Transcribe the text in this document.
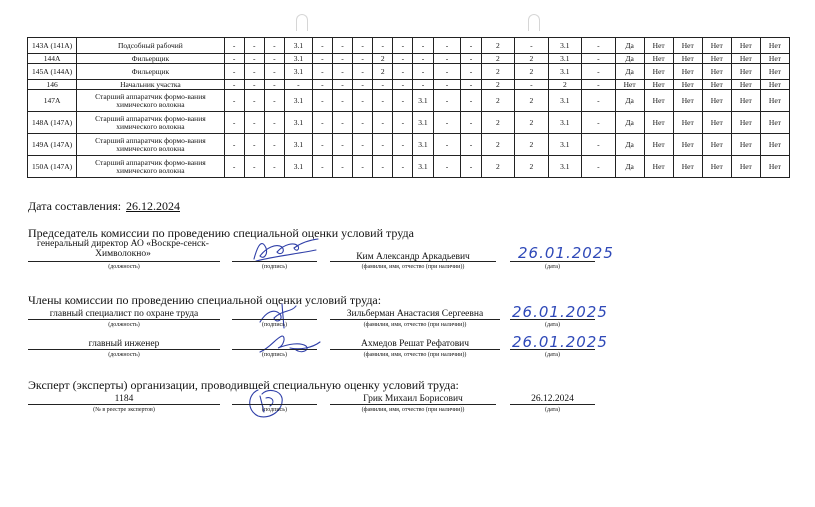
143А (141А)	Подсобный рабочий	-	-	-	3.1	-	-	-	-	-	-	-	-	2	-	3.1	-	Да	Нет	Нет	Нет	Нет	Нет
144А	Фильерщик	-	-	-	3.1	-	-	-	2	-	-	-	-	2	2	3.1	-	Да	Нет	Нет	Нет	Нет	Нет
145А (144А)	Фильерщик	-	-	-	3.1	-	-	-	2	-	-	-	-	2	2	3.1	-	Да	Нет	Нет	Нет	Нет	Нет
146	Начальник участка	-	-	-	-	-	-	-	-	-	-	-	-	2	-	2	-	Нет	Нет	Нет	Нет	Нет	Нет
147А	Старший аппаратчик формо-вания химического волокна	-	-	-	3.1	-	-	-	-	-	3.1	-	-	2	2	3.1	-	Да	Нет	Нет	Нет	Нет	Нет
148А (147А)	Старший аппаратчик формо-вания химического волокна	-	-	-	3.1	-	-	-	-	-	3.1	-	-	2	2	3.1	-	Да	Нет	Нет	Нет	Нет	Нет
149А (147А)	Старший аппаратчик формо-вания химического волокна	-	-	-	3.1	-	-	-	-	-	3.1	-	-	2	2	3.1	-	Да	Нет	Нет	Нет	Нет	Нет
150А (147А)	Старший аппаратчик формо-вания химического волокна	-	-	-	3.1	-	-	-	-	-	3.1	-	-	2	2	3.1	-	Да	Нет	Нет	Нет	Нет	Нет
Дата составления: 26.12.2024
Председатель комиссии по проведению специальной оценки условий труда
генеральный директор АО «Воскре-сенск-Химволокно»
(должность)	(подпись)
Ким Александр Аркадьевич
(фамилия, имя, отчество (при наличии))
26.01.2025
(дата)
Члены комиссии по проведению специальной оценки условий труда:
главный специалист по охране труда
(должность)	(подпись)
Зильберман Анастасия Сергеевна
(фамилия, имя, отчество (при наличии))
26.01.2025
(дата)
главный инженер
(должность)	(подпись)
Ахмедов Решат Рефатович
(фамилия, имя, отчество (при наличии))
26.01.2025
(дата)
Эксперт (эксперты) организации, проводившей специальную оценку условий труда:
1184
(№ в реестре экспертов)	(подпись)
Грик Михаил Борисович
(фамилия, имя, отчество (при наличии))
26.12.2024
(дата)
